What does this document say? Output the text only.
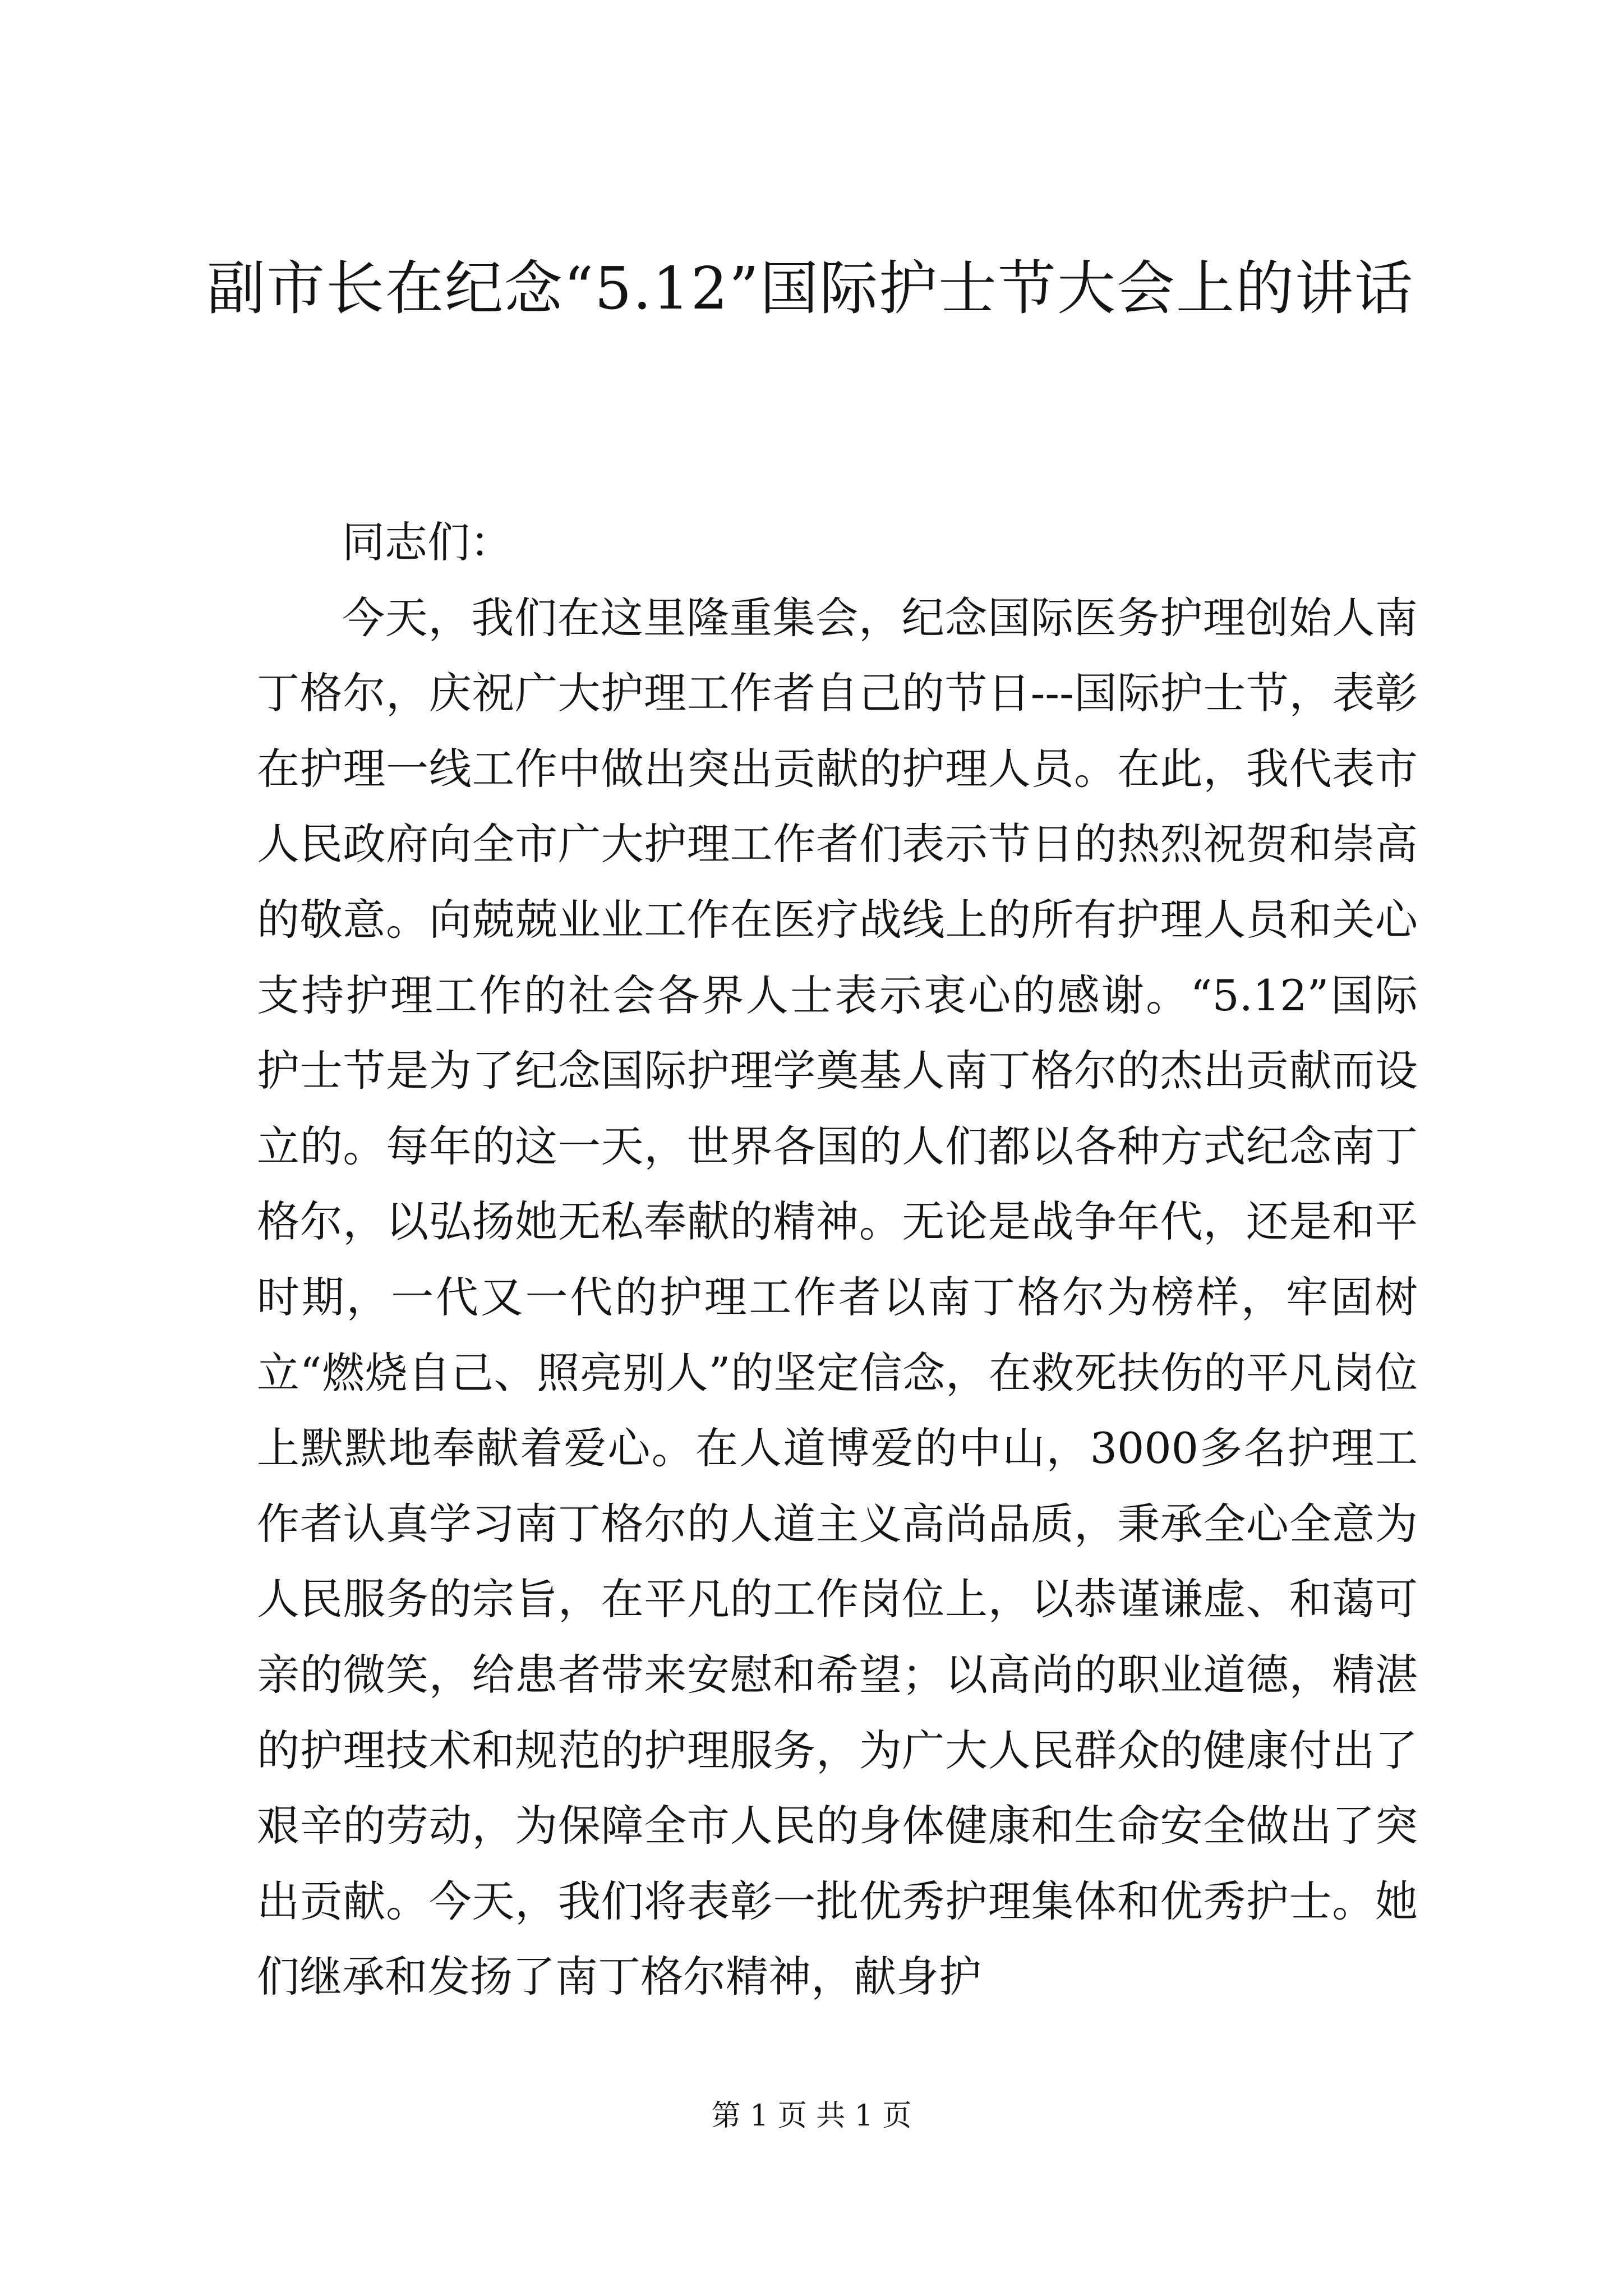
副市长在纪念“5.12”国际护士节大会上的讲话

同志们：

今天，我们在这里隆重集会，纪念国际医务护理创始人南丁格尔，庆祝广大护理工作者自己的节日---国际护士节，表彰在护理一线工作中做出突出贡献的护理人员。在此，我代表市人民政府向全市广大护理工作者们表示节日的热烈祝贺和崇高的敬意。向兢兢业业工作在医疗战线上的所有护理人员和关心支持护理工作的社会各界人士表示衷心的感谢。“5.12”国际护士节是为了纪念国际护理学奠基人南丁格尔的杰出贡献而设立的。每年的这一天，世界各国的人们都以各种方式纪念南丁格尔，以弘扬她无私奉献的精神。无论是战争年代，还是和平时期，一代又一代的护理工作者以南丁格尔为榜样，牢固树立“燃烧自己、照亮别人”的坚定信念，在救死扶伤的平凡岗位上默默地奉献着爱心。在人道博爱的中山，3000多名护理工作者认真学习南丁格尔的人道主义高尚品质，秉承全心全意为人民服务的宗旨，在平凡的工作岗位上，以恭谨谦虚、和蔼可亲的微笑，给患者带来安慰和希望；以高尚的职业道德，精湛的护理技术和规范的护理服务，为广大人民群众的健康付出了艰辛的劳动，为保障全市人民的身体健康和生命安全做出了突出贡献。今天，我们将表彰一批优秀护理集体和优秀护士。她们继承和发扬了南丁格尔精神，献身护

第 1 页 共 1 页
